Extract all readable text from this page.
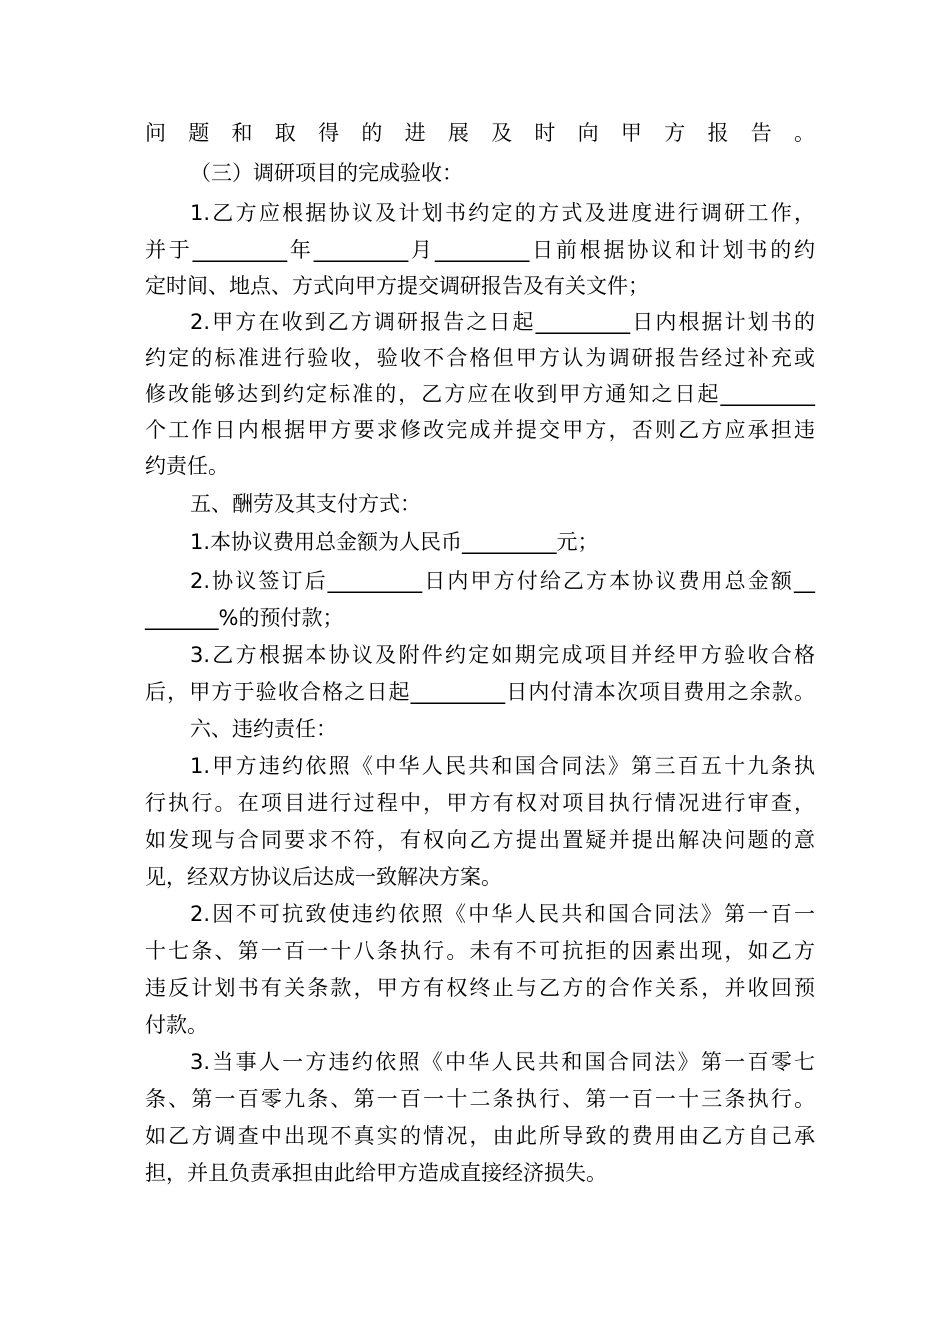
问题和取得的进展及时向甲方报告。
（三）调研项目的完成验收：
1.乙方应根据协议及计划书约定的方式及进度进行调研工作，
并于_________年_________月_________日前根据协议和计划书的约
定时间、地点、方式向甲方提交调研报告及有关文件；
2.甲方在收到乙方调研报告之日起_________日内根据计划书的
约定的标准进行验收，验收不合格但甲方认为调研报告经过补充或
修改能够达到约定标准的，乙方应在收到甲方通知之日起_________
个工作日内根据甲方要求修改完成并提交甲方，否则乙方应承担违
约责任。
五、酬劳及其支付方式：
1.本协议费用总金额为人民币_________元；
2.协议签订后_________日内甲方付给乙方本协议费用总金额__
_______%的预付款；
3.乙方根据本协议及附件约定如期完成项目并经甲方验收合格
后，甲方于验收合格之日起_________日内付清本次项目费用之余款。
六、违约责任：
1.甲方违约依照《中华人民共和国合同法》第三百五十九条执
行执行。在项目进行过程中，甲方有权对项目执行情况进行审查，
如发现与合同要求不符，有权向乙方提出置疑并提出解决问题的意
见，经双方协议后达成一致解决方案。
2.因不可抗致使违约依照《中华人民共和国合同法》第一百一
十七条、第一百一十八条执行。未有不可抗拒的因素出现，如乙方
违反计划书有关条款，甲方有权终止与乙方的合作关系，并收回预
付款。
3.当事人一方违约依照《中华人民共和国合同法》第一百零七
条、第一百零九条、第一百一十二条执行、第一百一十三条执行。
如乙方调查中出现不真实的情况，由此所导致的费用由乙方自己承
担，并且负责承担由此给甲方造成直接经济损失。
